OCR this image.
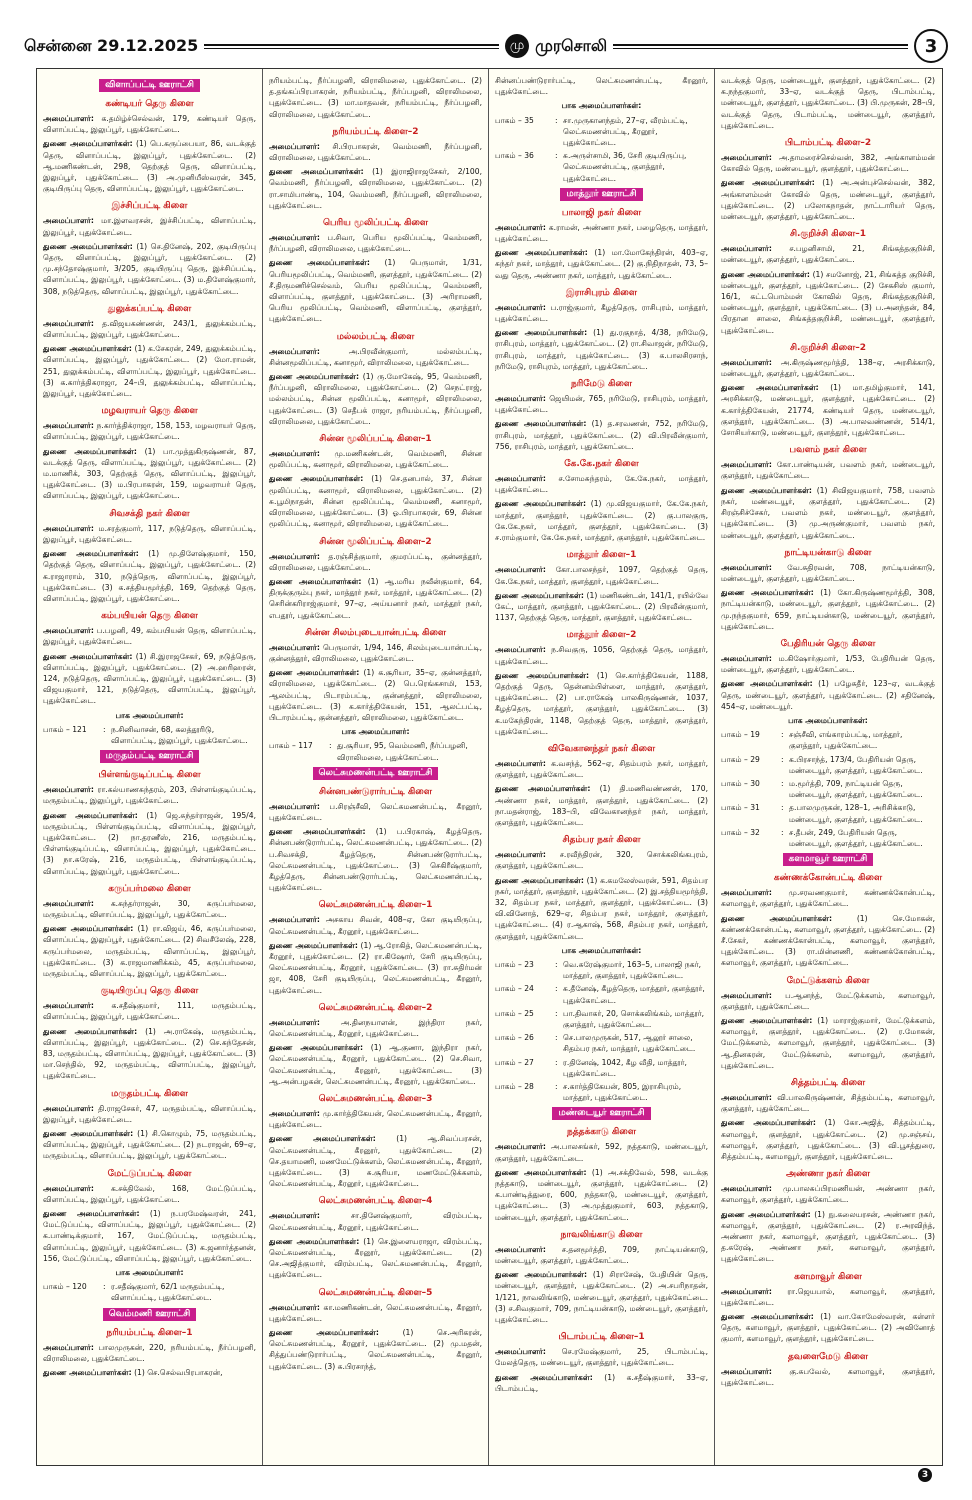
சென்னை 29.12.2025	மு முரசொலி	3
விளாப்பட்டி ஊராட்சி
கண்டியர் தெரு கிளை
அமைப்பாளர்: க.தமிழ்ச்செல்வன், 179, கண்டியர் தெரு, விளாப்பட்டி, இலுப்பூர், புதுக்கோட்டை.
துணை அமைப்பாளர்கள்: (1) பெ.கருப்பையா, 86, வடக்குத் தெரு, விளாப்பட்டி, இலுப்பூர், புதுக்கோட்டை. (2) ஆ.மணிகண்டன், 298, தெற்குத் தெரு, விளாப்பட்டி, இலுப்பூர், புதுக்கோட்டை. (3) அ.முனியீஸ்வரன், 345, குடியிருப்பு தெரு, விளாப்பட்டி, இலுப்பூர், புதுக்கோட்டை.
இச்சிப்பட்டி கிளை
அமைப்பாளர்: மா.இளவரசன், இச்சிப்பட்டி, விளாப்பட்டி, இலுப்பூர், புதுக்கோட்டை.
துணை அமைப்பாளர்கள்: (1) செ.தினேஷ், 202, குடியிருப்பு தெரு, விளாப்பட்டி, இலுப்பூர், புதுக்கோட்டை. (2) மு.சந்தோஷ்குமார், 3/205, குடியிருப்பு தெரு, இச்சிப்பட்டி, விளாப்பட்டி, இலுப்பூர், புதுக்கோட்டை. (3) ம.திளேஷ்குமார், 308, நடுத்தெரு, விளாப்பட்டி, இலுப்பூர், புதுக்கோட்டை.
துலுக்கப்பட்டி கிளை
அமைப்பாளர்: த.விஜயகண்ணன், 243/1, துலுக்கம்பட்டி, விளாப்பட்டி, இலுப்பூர், புதுக்கோட்டை.
துணை அமைப்பாளர்கள்: (1) க.சேகரன், 249, துலுக்கம்பட்டி, விளாப்பட்டி, இலுப்பூர், புதுக்கோட்டை. (2) மோ.ராமன், 251, துலுக்கம்பட்டி, விளாப்பட்டி, இலுப்பூர், புதுக்கோட்டை. (3) க.கார்த்திகராஜா, 24–பி, துலுக்கம்பட்டி, விளாப்பட்டி, இலுப்பூர், புதுக்கோட்டை.
மழவராயர் தெரு கிளை
அமைப்பாளர்: ந.கார்த்திக்ராஜா, 158, 153, மழவராயர் தெரு, விளாப்பட்டி, இலுப்பூர், புதுக்கோட்டை.
துணை அமைப்பாளர்கள்: (1) பா.முத்துகிருஷ்ணன், 87, வடக்குத் தெரு, விளாப்பட்டி, இலுப்பூர், புதுக்கோட்டை. (2) ம.மாணிக், 303, தெற்குத் தெரு, விளாப்பட்டி, இலுப்பூர், புதுக்கோட்டை. (3) ம.பிரபாகரன், 159, மழவராயர் தெரு, விளாப்பட்டி, இலுப்பூர், புதுக்கோட்டை.
சிவசக்தி நகர் கிளை
அமைப்பாளர்: ம.சரத்குமார், 117, நடுத்தெரு, விளாப்பட்டி, இலுப்பூர், புதுக்கோட்டை.
துணை அமைப்பாளர்கள்: (1) மு.திளேஷ்குமார், 150, தெற்குத் தெரு, விளாப்பட்டி, இலுப்பூர், புதுக்கோட்டை. (2) க.ராஜாராம், 310, நடுத்தெரு, விளாப்பட்டி, இலுப்பூர், புதுக்கோட்டை. (3) க.சத்தியமூர்த்தி, 169, தெற்குத் தெரு, விளாப்பட்டி, இலுப்பூர், புதுக்கோட்டை.
கம்பயியன் தெரு கிளை
அமைப்பாளர்: ப.பழனி, 49, கம்பயியன் தெரு, விளாப்பட்டி, இலுப்பூர், புதுக்கோட்டை.
துணை அமைப்பாளர்கள்: (1) சி.இராஜசேகர், 69, நடுத்தெரு, விளாப்பட்டி, இலுப்பூர், புதுக்கோட்டை. (2) அ.ஹரிஹரன், 124, நடுத்தெரு, விளாப்பட்டி, இலுப்பூர், புதுக்கோட்டை. (3) விஜயகுமார், 121, நடுத்தெரு, விளாப்பட்டி, இலுப்பூர், புதுக்கோட்டை.
பாக அமைப்பாளர்:
பாகம் – 121	: ந.சினிவாசன், 68, கலத்தூரிடு, விளாப்பட்டி, இலுப்பூர், புதுக்கோட்டை.
மருதம்பட்டி ஊராட்சி
பிள்ளங்குடிப்பட்டி கிளை
அமைப்பாளர்: ரா.கல்யாணசுந்தரம், 203, பிள்ளங்குடிப்பட்டி, மருதம்பட்டி, இலுப்பூர், புதுக்கோட்டை.
துணை அமைப்பாளர்கள்: (1) ஜெ.சுந்தர்ராஜன், 195/4, மருதம்பட்டி, பிள்ளங்குடிப்பட்டி, விளாப்பட்டி, இலுப்பூர், புதுக்கோட்டை. (2) நா.தரணீஸ், 216, மருதம்பட்டி, பிள்ளங்குடிப்பட்டி, விளாப்பட்டி, இலுப்பூர், புதுக்கோட்டை. (3) நா.சுரேஷ், 216, மருதம்பட்டி, பிள்ளங்குடிப்பட்டி, விளாப்பட்டி, இலுப்பூர், புதுக்கோட்டை.
கருப்பர்மலை கிளை
அமைப்பாளர்: க.சுந்தர்ராஜன், 30, கருப்பர்மலை, மருதம்பட்டி, விளாப்பட்டி, இலுப்பூர், புதுக்கோட்டை.
துணை அமைப்பாளர்கள்: (1) ரா.விஜய், 46, கருப்பர்மலை, விளாப்பட்டி, இலுப்பூர், புதுக்கோட்டை. (2) சிவசீலேஷ், 228, கருப்பர்மலை, மருதம்பட்டி, விளாப்பட்டி, இலுப்பூர், புதுக்கோட்டை. (3) க.ராஜமாணிக்கம், 45, கருப்பர்மலை, மருதம்பட்டி, விளாப்பட்டி, இலுப்பூர், புதுக்கோட்டை.
குடியிருப்பு தெரு கிளை
அமைப்பாளர்: க.சதீஷ்குமார், 111, மருதம்பட்டி, விளாப்பட்டி, இலுப்பூர், புதுக்கோட்டை.
துணை அமைப்பாளர்கள்: (1) அ.ராகேஷ், மருதம்பட்டி, விளாப்பட்டி, இலுப்பூர், புதுக்கோட்டை. (2) செ.சுந்தேசன், 83, மருதம்பட்டி, விளாப்பட்டி, இலுப்பூர், புதுக்கோட்டை. (3) மா.செந்தில், 92, மருதம்பட்டி, விளாப்பட்டி, இலுப்பூர், புதுக்கோட்டை.
மருதம்பட்டி கிளை
அமைப்பாளர்: தி.ராஜசேகர், 47, மருதம்பட்டி, விளாப்பட்டி, இலுப்பூர், புதுக்கோட்டை.
துணை அமைப்பாளர்கள்: (1) சி.கொழும், 75, மருதம்பட்டி, விளாப்பட்டி, இலுப்பூர், புதுக்கோட்டை. (2) நடராஜன், 69–ஏ, மருதம்பட்டி, விளாப்பட்டி, இலுப்பூர், புதுக்கோட்டை.
மேட்டுப்பட்டி கிளை
அமைப்பாளர்: க.சக்திவேல், 168, மேட்டுப்பட்டி, விளாப்பட்டி, இலுப்பூர், புதுக்கோட்டை.
துணை அமைப்பாளர்கள்: (1) ந.பரமேஷ்வரன், 241, மேட்டுப்பட்டி, விளாப்பட்டி, இலுப்பூர், புதுக்கோட்டை. (2) க.பாண்டிக்குமார், 167, மேட்டுப்பட்டி, மருதம்பட்டி, விளாப்பட்டி, இலுப்பூர், புதுக்கோட்டை. (3) க.ஜனார்த்தனன், 156, மேட்டுப்பட்டி, விளாப்பட்டி, இலுப்பூர், புதுக்கோட்டை.
பாக அமைப்பாளர்:
பாகம் – 120	: ர.சதீஷ்குமார், 62/1 மருதம்பட்டி, விளாப்பட்டி, புதுக்கோட்டை.
வெம்மணி ஊராட்சி
நரியம்பட்டி கிளை–1
அமைப்பாளர்: பாலமுருகன், 220, நரியம்பட்டி, நீர்ப்பழனி, விராலிமலை, புதுக்கோட்டை.
துணை அமைப்பாளர்கள்: (1) செ.செல்வபிரபாகரன்,
நரியம்பட்டி, நீர்ப்பழனி, விராலிமலை, புதுக்கோட்டை. (2) த.தங்கப்பிரபாகரன், நரியம்பட்டி, நீர்ப்பழனி, விராலிமலை, புதுக்கோட்டை. (3) மா.மாதவன், நரியம்பட்டி, நீர்ப்பழனி, விராலிமலை, புதுக்கோட்டை.
நரியம்பட்டி கிளை–2
அமைப்பாளர்: சி.பிரபாகரன், வெம்மணி, நீர்ப்பழனி, விராலிமலை, புதுக்கோட்டை.
துணை அமைப்பாளர்கள்: (1) இராஜிராஜசேகர், 2/100, வெம்மணி, நீர்ப்பழனி, விராலிமலை, புதுக்கோட்டை. (2) ரா.சாமிபாண்டி, 104, வெம்மணி, நீர்ப்பழனி, விராலிமலை, புதுக்கோட்டை.
பெரிய மூலிப்பட்டி கிளை
அமைப்பாளர்: ப.சிவா, பெரிய மூலிப்பட்டி, வெம்மணி, நீர்ப்பழனி, விராலிமலை, புதுக்கோட்டை.
துணை அமைப்பாளர்கள்: (1) பெருமாள், 1/31, பெரியமூலிப்பட்டி, வெம்மணி, குளத்தூர், புதுக்கோட்டை. (2) சீ.திருமணிச்செல்வம், பெரிய மூலிப்பட்டி, வெம்மணி, விளாப்பட்டி, குளத்தூர், புதுக்கோட்டை. (3) அரிராமணி, பெரிய மூலிப்பட்டி, வெம்மணி, விளாப்பட்டி, குளத்தூர், புதுக்கோட்டை.
மல்லம்பட்டி கிளை
அமைப்பாளர்:	அ.பிரவீன்குமார், மல்லம்பட்டி, சின்னமூலிப்பட்டி, கனாமூர், விராலிமலை, புதுக்கோட்டை.
துணை அமைப்பாளர்கள்: (1) ரு.மோகேஷ், 95, வெம்மணி, நீர்ப்பழனி, விராலிமலை, புதுக்கோட்டை. (2) செநட்ராஜ், மல்லம்பட்டி, சின்ன மூலிப்பட்டி, கனாமூர், விராலிமலை, புதுக்கோட்டை. (3) செதீபக் ராஜா, நரியம்பட்டி, நீர்ப்பழனி, விராலிமலை, புதுக்கோட்டை.
சின்ன மூலிப்பட்டி கிளை–1
அமைப்பாளர்: மு.மணிகண்டன், வெம்மணி, சின்ன மூலிப்பட்டி, கனாமூர், விராலிமலை, புதுக்கோட்டை.
துணை அமைப்பாளர்கள்: (1) செ.தனபால், 37, சின்ன மூலிப்பட்டி, கனாமூர், விராலிமலை, புதுக்கோட்டை. (2) சு.பூமிநாதன், சின்ன மூலிப்பட்டி, வெம்மணி, கனாமூர், விராலிமலை, புதுக்கோட்டை. (3) ஓ.பிரபாகரன், 69, சின்ன மூலிப்பட்டி, கனாமூர், விராலிமலை, புதுக்கோட்டை.
சின்ன மூலிப்பட்டி கிளை–2
அமைப்பாளர்: த.ரஞ்சித்குமார், குமரப்பட்டி, குன்னத்தூர், விராலிமலை, புதுக்கோட்டை.
துணை அமைப்பாளர்கள்: (1) ஆ.மரிய நவீன்குமார், 64, திருக்குரும்பு நகர், மாத்தூர் நகர், மாத்தூர், புதுக்கோட்டை. (2) செரின்கரிராஜ்குமார், 97–ஏ, அய்யனார் நகர், மாத்தூர் நகர், எபதூர், புதுக்கோட்டை.
சின்ன சிலம்புடையான்பட்டி கிளை
அமைப்பாளர்: பெருமாள், 1/94, 146, சிலம்புடையான்பட்டி, குன்னத்தூர், விராலிமலை, புதுக்கோட்டை.
துணை அமைப்பாளர்கள்: (1) க.சூரியா, 35–ஏ, குன்னத்தூர், விராலிமலை, புதுக்கோட்டை. (2) பெ.ரெங்கசாமி, 153, ஆலம்பட்டி, பிடாரம்பட்டி, குன்னத்தூர், விராலிமலை, புதுக்கோட்டை. (3) க.கார்த்திகேயன், 151, ஆலட்பட்டி, பிடாரம்பட்டி, குன்னத்தூர், விராலிமலை, புதுக்கோட்டை.
பாக அமைப்பாளர்:
பாகம் – 117	: து.சூரியா, 95, வெம்மணி, நீர்ப்பழனி, விராலிமலை, புதுக்கோட்டை.
லெட்சுமணன்பட்டி ஊராட்சி
சின்னபண்டுரார்பட்டி கிளை
அமைப்பாளர்: ப.சிரஞ்சீவி, லெட்சுமணன்பட்டி, கீரனூர், புதுக்கோட்டை.
துணை அமைப்பாளர்கள்: (1) ப.பிரகாஷ், கீழத்தெரு, சின்னபண்டுரார்பட்டி, லெட்சுமணன்பட்டி, புதுக்கோட்டை. (2) ப.சிவசக்தி, கீழத்தெரு, சின்னபண்டுரார்பட்டி, லெட்சுமணன்பட்டி, புதுக்கோட்டை. (3) செகிரீஷ்குமார், கீழத்தெரு, சின்னபண்டுரார்பட்டி, லெட்சுமணன்பட்டி, புதுக்கோட்டை.
லெட்சுமணன்பட்டி கிளை–1
அமைப்பாளர்: அசகாய சிவன், 408–ஏ, கோ குடியிருப்பு, லெட்சுமணன்பட்டி, கீரனூர், புதுக்கோட்டை.
துணை அமைப்பாளர்கள்: (1) ஆ.ரோகித், லெட்சுமணன்பட்டி, கீரனூர், புதுக்கோட்டை. (2) ரா.கிஷோர், சேரி குடியிருப்பு, லெட்சுமணன்பட்டி, கீரனூர், புதுக்கோட்டை. (3) ரா.சுதிர்மன் ஜா, 408, சேரி குடியிருப்பு, லெட்சுமணன்பட்டி, கீரனூர், புதுக்கோட்டை.
லெட்சுமணன்பட்டி கிளை–2
அமைப்பாளர்:	அ.தினநயாளன், இந்திரா நகர், லெட்சுமணன்பட்டி, கீரனூர், புதுக்கோட்டை.
துணை அமைப்பாளர்கள்: (1) ஆ.குணா, இந்திரா நகர், லெட்சுமணன்பட்டி, கீரனூர், புதுக்கோட்டை. (2) செ.சிவா, லெட்சுமணன்பட்டி, கீரனூர், புதுக்கோட்டை. (3) ஆ.அன்பழகன், லெட்சுமணன்பட்டி, கீரனூர், புதுக்கோட்டை.
லெட்சுமணன்பட்டி கிளை–3
அமைப்பாளர்: மு.கார்த்திகேயன், லெட்சுமணன்பட்டி, கீரனூர், புதுக்கோட்டை.
துணை அமைப்பாளர்கள்:	(1) ஆ.சிவப்பரசன், லெட்சுமணன்பட்டி, கீரனூர், புதுக்கோட்டை. (2) செ.தயாமணி, மணமேட்டுக்களம், லெட்சுமணன்பட்டி, கீரனூர், புதுக்கோட்டை. (3) சு.சூரியா, மணமேட்டுக்களம், லெட்சுமணன்பட்டி, கீரனூர், புதுக்கோட்டை.
லெட்சுமணன்பட்டி கிளை–4
அமைப்பாளர்:	சா.தினேஷ்குமார், விரம்பட்டி, லெட்சுமணன்பட்டி, கீரனூர், புதுக்கோட்டை.
துணை அமைப்பாளர்கள்: (1) செ.இளையராஜா, விரம்பட்டி, லெட்சுமணன்பட்டி, கீரனூர், புதுக்கோட்டை. (2) செ.அஜித்குமார், விரம்பட்டி, லெட்சுமணன்பட்டி, கீரனூர், புதுக்கோட்டை.
லெட்சுமணன்பட்டி கிளை–5
அமைப்பாளர்: கா.மணிகண்டன், லெட்சுமணன்பட்டி, கீரனூர், புதுக்கோட்டை.
துணை அமைப்பாளர்கள்:	(1) செ.அரிகரன், லெட்சுமணன்பட்டி, கீரனூர், புதுக்கோட்டை. (2) மு.மதன், சித்துப்பண்டுரார்பட்டி, லெட்சுமணன்பட்டி, கீரனூர், புதுக்கோட்டை. (3) சு.பிரசாந்த்,
சின்னப்பண்டுரார்பட்டி, லெட்சுமணன்பட்டி, கீரனூர், புதுக்கோட்டை.
பாக அமைப்பாளர்கள்:
பாகம் – 35	: சா.முருகானந்தம், 27–ஏ, வீரம்பட்டி, லெட்சுமணன்பட்டி, கீரனூர், புதுக்கோட்டை.
பாகம் – 36	: சு.அருள்சாமி, 36, சேரி குடியிருப்பு, லெட்சுமணன்பட்டி, குளத்தூர், புதுக்கோட்டை.
மாத்தூர் ஊராட்சி
பாலாஜி நகர் கிளை
அமைப்பாளர்: க.ராமன், அண்ணா நகர், பழைதெரு, மாத்தூர், புதுக்கோட்டை.
துணை அமைப்பாளர்கள்: (1) மா.மோகேந்திரன், 403–ஏ, சுந்தர் நகர், மாத்தூர், புதுக்கோட்டை. (2) கு.நிதிநாதன், 73, 5–வது தெரு, அண்ணா நகர், மாத்தூர், புதுக்கோட்டை.
இராசிபுரம் கிளை
அமைப்பாளர்: ப.ராஜ்குமார், கீழத்தெரு, ராசிபுரம், மாத்தூர், புதுக்கோட்டை.
துணை அமைப்பாளர்கள்: (1) து.ரகுநாத், 4/38, நரிமேடு, ராசிபுரம், மாத்தூர், புதுக்கோட்டை. (2) ரா.சிவாஜன், நரிமேடு, ராசிபுரம், மாத்தூர், புதுக்கோட்டை. (3) க.பாலசிரசாந், நரிமேடு, ராசிபுரம், மாத்தூர், புதுக்கோட்டை.
நரிமேடு கிளை
அமைப்பாளர்: ஜெயிமன், 765, நரிமேடு, ராசிபுரம், மாத்தூர், புதுக்கோட்டை.
துணை அமைப்பாளர்கள்: (1) த.சரவணன், 752, நரிமேடு, ராசிபுரம், மாத்தூர், புதுக்கோட்டை. (2) வி.பிரவீன்குமார், 756, ராசிபுரம், மாத்தூர், புதுக்கோட்டை.
கே.கே.நகர் கிளை
அமைப்பாளர்: ச.சோமசுந்தரம், கே.கே.நகர், மாத்தூர், புதுக்கோட்டை.
துணை அமைப்பாளர்கள்: (1) மு.விஜயகுமார், கே.கே.நகர், மாத்தூர், குளத்தூர், புதுக்கோட்டை. (2) கு.பாலகுரு, கே.கே.நகர், மாத்தூர், குளத்தூர், புதுக்கோட்டை. (3) ச.ராம்குமார், கே.கே.நகர், மாத்தூர், குளத்தூர், புதுக்கோட்டை.
மாத்தூர் கிளை–1
அமைப்பாளர்: கோ.பாலசந்தர், 1097, தெற்குத் தெரு, கே.கே.நகர், மாத்தூர், குளத்தூர், புதுக்கோட்டை.
துணை அமைப்பாளர்கள்: (1) மணிகண்டன், 141/1, ரயில்வே கேட், மாத்தூர், குளத்தூர், புதுக்கோட்டை. (2) பிரவீன்குமார், 1137, தெற்குத் தெரு, மாத்தூர், குளத்தூர், புதுக்கோட்டை.
மாத்தூர் கிளை–2
அமைப்பாளர்: ந.சிவகுரு, 1056, தெற்குத் தெரு, மாத்தூர், புதுக்கோட்டை.
துணை அமைப்பாளர்கள்: (1) செ.கார்த்திகேயன், 1188, தெற்குத் தெரு, தென்னம்பிள்ளை, மாத்தூர், குளத்தூர், புதுக்கோட்டை. (2) பா.ராகேஷ் பாலகிருஷ்ணன், 1037, கீழத்தெரு, மாத்தூர், குளத்தூர், புதுக்கோட்டை. (3) க.மகேந்திரன், 1148, தெற்குத் தெரு, மாத்தூர், குளத்தூர், புதுக்கோட்டை.
விவேகானந்தர் நகர் கிளை
அமைப்பாளர்: க.வசந்த், 562–ஏ, சிதம்பரம் நகர், மாத்தூர், குளத்தூர், புதுக்கோட்டை.
துணை அமைப்பாளர்கள்: (1) தி.மணிவண்ணன், 170, அண்ணா நகர், மாத்தூர், குளத்தூர், புதுக்கோட்டை. (2) நா.மதன்ராஜ், 183–பி, விவேகானந்தர் நகர், மாத்தூர், குளத்தூர், புதுக்கோட்டை.
சிதம்பர நகர் கிளை
அமைப்பாளர்: ச.ரவீந்திரன், 320, சொக்கலிங்கபுரம், குளத்தூர், புதுக்கோட்டை.
துணை அமைப்பாளர்கள்: (1) க.கமலேஸ்வரன், 591, சிதம்பர நகர், மாத்தூர், குளத்தூர், புதுக்கோட்டை. (2) இ.சத்தியமூர்த்தி, 32, சிதம்பர நகர், மாத்தூர், குளத்தூர், புதுக்கோட்டை. (3) வி.வினோத், 629–ஏ, சிதம்பர நகர், மாத்தூர், குளத்தூர், புதுக்கோட்டை. (4) ர.ஆகாஷ், 568, சிதம்பர நகர், மாத்தூர், குளத்தூர், புதுக்கோட்டை.
பாக அமைப்பாளர்கள்:
பாகம் – 23	: வெ.சுரேஷ்குமார், 163–5, பாலாஜி நகர், மாத்தூர், குளத்தூர், புதுக்கோட்டை.
பாகம் – 24	: சு.தீனேஷ், கீழத்தெரு, மாத்தூர், குளத்தூர், புதுக்கோட்டை.
பாகம் – 25	: பா.திவாகர், 20, சொக்கலிங்கம், மாத்தூர், குளத்தூர், புதுக்கோட்டை.
பாகம் – 26	: செ.பாலமுருகன், 517, ஆலூர் சாலை, சிதம்பர நகர், மாத்தூர், புதுக்கோட்டை.
பாகம் – 27	: ர.தினேஷ், 1042, கீழ வீதி, மாத்தூர், புதுக்கோட்டை.
பாகம் – 28	: ச.கார்த்திகேயன், 805, இராசிபுரம், மாத்தூர், புதுக்கோட்டை.
மண்டையூர் ஊராட்சி
நத்தக்காடு கிளை
அமைப்பாளர்: அ.பாலசங்கர், 592, நத்தகாடு, மண்டையூர், குளத்தூர், புதுக்கோட்டை.
துணை அமைப்பாளர்கள்: (1) அ.சக்திவேல், 598, வடக்கு நத்தகாடு, மண்டையூர், குளத்தூர், புதுக்கோட்டை. (2) க.பாண்டித்துரை, 600, நத்தகாடு, மண்டையூர், குளத்தூர், புதுக்கோட்டை. (3) அ.முத்துகுமார், 603, நத்தகாடு, மண்டையூர், குளத்தூர், புதுக்கோட்டை.
நாவலிங்காடு கிளை
அமைப்பாளர்: ச.தனமூர்த்தி, 709, நாட்டியன்காடு, மண்டையூர், குளத்தூர், புதுக்கோட்டை.
துணை அமைப்பாளர்கள்: (1) சிராசேஷ், பேதியின் தெரு, மண்டையூர், குளத்தூர், புதுக்கோட்டை. (2) அ.சபரிநாதன், 1/121, நாவலிங்காடு, மண்டையூர், குளத்தூர், புதுக்கோட்டை. (3) ச.சிவகுமார், 709, நாட்டியன்காடு, மண்டையூர், குளத்தூர், புதுக்கோட்டை.
பிடாம்பட்டி கிளை–1
அமைப்பாளர்: செ.ரமேஷ்குமார், 25, பிடாம்பட்டி, மேலத்தெரு, மண்டையூர், குளத்தூர், புதுக்கோட்டை.
துணை அமைப்பாளர்கள்: (1) க.சதீஷ்குமார், 33–ஏ, பிடாம்பட்டி,
வடக்குத் தெரு, மண்டையூர், குளத்தூர், புதுக்கோட்டை. (2) க.நந்தகுமார், 33–ஏ, வடக்குத் தெரு, பிடாம்பட்டி, மண்டையூர், குளத்தூர், புதுக்கோட்டை. (3) பி.முருகன், 28–பி, வடக்குத் தெரு, பிடாம்பட்டி, மண்டையூர், குளத்தூர், புதுக்கோட்டை.
பிடாம்பட்டி கிளை–2
அமைப்பாளர்: அ.தாமரைச்செல்வன், 382, அங்காளம்மன் கோவில் தெரு, மண்டையூர், குளத்தூர், புதுக்கோட்டை.
துணை அமைப்பாளர்கள்: (1) அ.அன்புச்செல்வன், 382, அங்காளம்மன் கோவில் தெரு, மண்டையூர், குளத்தூர், புதுக்கோட்டை. (2) பலோகநாதன், நாட்டாரியர் தெரு, மண்டையூர், குளத்தூர், புதுக்கோட்டை.
சி.குறிச்சி கிளை–1
அமைப்பாளர்: ச.பழனிசாமி, 21, சிங்கத்தகுறிச்சி, மண்டையூர், குளத்தூர், புதுக்கோட்டை.
துணை அமைப்பாளர்கள்: (1) சமனோஜ், 21, சிங்கத்த குறிச்சி, மண்டையூர், குளத்தூர், புதுக்கோட்டை. (2) சேகசிஸ் குமார், 16/1, கட்டபொம்மன் கோவில் தெரு, சிங்கத்தகுறிச்சி, மண்டையூர், குளத்தூர், புதுக்கோட்டை. (3) ப.அனந்தன், 84, பிரதான சாலை, சிங்கத்தகுறிச்சி, மண்டையூர், குளத்தூர், புதுக்கோட்டை.
சி.குறிச்சி கிளை–2
அமைப்பாளர்: அ.கிருஷ்ணமூர்த்தி, 138–ஏ, அரசிக்காடு, மண்டையூர், குளத்தூர், புதுக்கோட்டை.
துணை அமைப்பாளர்கள்: (1) மா.தமிழ்குமார், 141, அரசிக்காடு, மண்டையூர், குளத்தூர், புதுக்கோட்டை. (2) க.கார்த்திகேயன், 21774, கண்டியர் தெரு, மண்டையூர், குளத்தூர், புதுக்கோட்டை. (3) அ.பாலவண்ணன், 514/1, சோசியர்காடு, மண்டையூர், குளத்தூர், புதுக்கோட்டை.
பவளம் நகர் கிளை
அமைப்பாளர்: கோ.பாண்டியன், பவளம் நகர், மண்டையூர், குளத்தூர், புதுக்கோட்டை.
துணை அமைப்பாளர்கள்: (1) சிவிஜயகுமார், 758, பவளம் நகர், மண்டையூர், குளத்தூர், புதுக்கோட்டை. (2) சிரஞ்சிச்சேகர், பவளம் நகர், மண்டையூர், குளத்தூர், புதுக்கோட்டை. (3) மு.அருண்குமார், பவளம் நகர், மண்டையூர், குளத்தூர், புதுக்கோட்டை.
நாட்டியன்காடு கிளை
அமைப்பாளர்: வே.சுதிரவன், 708, நாட்டியன்காடு, மண்டையூர், குளத்தூர், புதுக்கோட்டை.
துணை அமைப்பாளர்கள்: (1) கோ.கிருஷ்ணமூர்த்தி, 308, நாட்டியன்காடு, மண்டையூர், குளத்தூர், புதுக்கோட்டை. (2) மு.நந்தகுமார், 659, நாட்டியன்காடு, மண்டையூர், குளத்தூர், புதுக்கோட்டை.
பேதிரியன் தெரு கிளை
அமைப்பாளர்: ம.கிஷோர்குமார், 1/53, பேதிரியன் தெரு, மண்டையூர், குளத்தூர், புதுக்கோட்டை.
துணை அமைப்பாளர்கள்: (1) பழேசுதீர், 123–ஏ, வடக்குத் தெரு, மண்டையூர், குளத்தூர், புதுக்கோட்டை. (2) சதினேஷ், 454–ஏ, மண்டையூர்.
பாக அமைப்பாளர்கள்:
பாகம் – 19	: சஞ்சீவி, எங்காரம்பட்டி, மாத்தூர், குளத்தூர், புதுக்கோட்டை.
பாகம் – 29	: க.பிரசாந்த், 173/4, பேதிரியன் தெரு, மண்டையூர், குளத்தூர், புதுக்கோட்டை.
பாகம் – 30	: ம.மூர்த்தி, 709, நாட்டியன் தெரு, மண்டையூர், குளத்தூர், புதுக்கோட்டை.
பாகம் – 31	: த.பாலமுருகன், 128–1, அரிசிக்காடு, மண்டையூர், குளத்தூர், புதுக்கோட்டை.
பாகம் – 32	: ச.தீபன், 249, பேதிரியன் தெரு, மண்டையூர், குளத்தூர், புதுக்கோட்டை.
களமாவூர் ஊராட்சி
கண்ணக்கோன்பட்டி கிளை
அமைப்பாளர்: மு.சரவணகுமார், கண்ணக்கோன்பட்டி, களமாவூர், குளத்தூர், புதுக்கோட்டை.
துணை அமைப்பாளர்கள்:	(1) செ.மோகன், கண்ணக்கோன்பட்டி, களமாவூர், குளத்தூர், புதுக்கோட்டை. (2) சீ.சேகர், கண்ணக்கோன்பட்டி, களமாவூர், குளத்தூர், புதுக்கோட்டை. (3) ரா.மின்னணி, கண்ணக்கோன்பட்டி, களமாவூர், குளத்தூர், புதுக்கோட்டை.
மேட்டுக்களம் கிளை
அமைப்பாளர்: ப.ஆனந்த், மேட்டுக்களம், களமாவூர், குளத்தூர், புதுக்கோட்டை.
துணை அமைப்பாளர்கள்: (1) மாராஜ்குமார், மேட்டுக்களம், களமாவூர், குளத்தூர், புதுக்கோட்டை. (2) ர.மோகன், மேட்டுக்களம், களமாவூர், குளத்தூர், புதுக்கோட்டை. (3) ஆ.தினகரன், மேட்டுக்களம், களமாவூர், குளத்தூர், புதுக்கோட்டை.
சித்தம்பட்டி கிளை
அமைப்பாளர்: வி.பாலகிருஷ்ணன், சித்தம்பட்டி, களமாவூர், குளத்தூர், புதுக்கோட்டை.
துணை அமைப்பாளர்கள்: (1) கோ.அஜித், சித்தம்பட்டி, களமாவூர், குளத்தூர், புதுக்கோட்டை. (2) மு.சஞ்சய், களமாவூர், குளத்தூர், புதுக்கோட்டை. (3) வி.பூசத்துரை, சித்தம்பட்டி, களமாவூர், குளத்தூர், புதுக்கோட்டை.
அண்ணா நகர் கிளை
அமைப்பாளர்: மு.பாலசுப்பிரமணியன், அண்ணா நகர், களமாவூர், குளத்தூர், புதுக்கோட்டை.
துணை அமைப்பாளர்கள்: (1) நு.கலையரசன், அண்ணா நகர், களமாவூர், குளத்தூர், புதுக்கோட்டை. (2) ர.அரவிந்த், அண்ணா நகர், களமாவூர், குளத்தூர், புதுக்கோட்டை. (3) த.சுரேஷ், அண்ணா நகர், களமாவூர், குளத்தூர், புதுக்கோட்டை.
களமாவூர் கிளை
அமைப்பாளர்: ரா.ஜெயபால், களமாவூர், குளத்தூர், புதுக்கோட்டை.
துணை அமைப்பாளர்கள்: (1) வா.கோமேஸ்வரன், கள்ளர் தெரு, களமாவூர், குளத்தூர், புதுக்கோட்டை. (2) அவினோத் குமார், களமாவூர், குளத்தூர், புதுக்கோட்டை.
தவளைமேடு கிளை
அமைப்பாளர்: கு.சுபவேல், களமாவூர், குளத்தூர், புதுக்கோட்டை.
3
